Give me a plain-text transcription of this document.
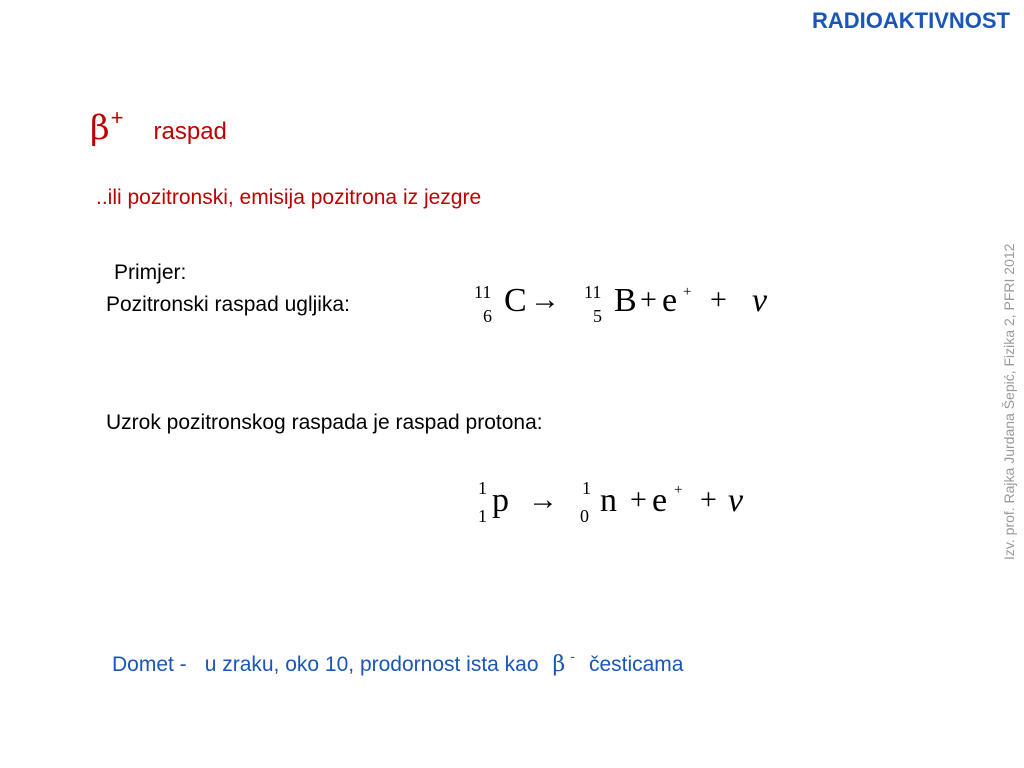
RADIOAKTIVNOST
β +
raspad
..ili pozitronski, emisija pozitrona iz jezgre
Primjer:
Pozitronski raspad ugljika:
11
6 C → 11
5 B + e + + ν
Uzrok pozitronskog raspada je raspad protona:
1
1 p → 1
0 n + e + + ν
Domet - u zraku, oko 10, prodornost ista kao β - česticama
Izv. prof. Rajka Jurdana Šepić, Fizika 2, PFRI 2012
